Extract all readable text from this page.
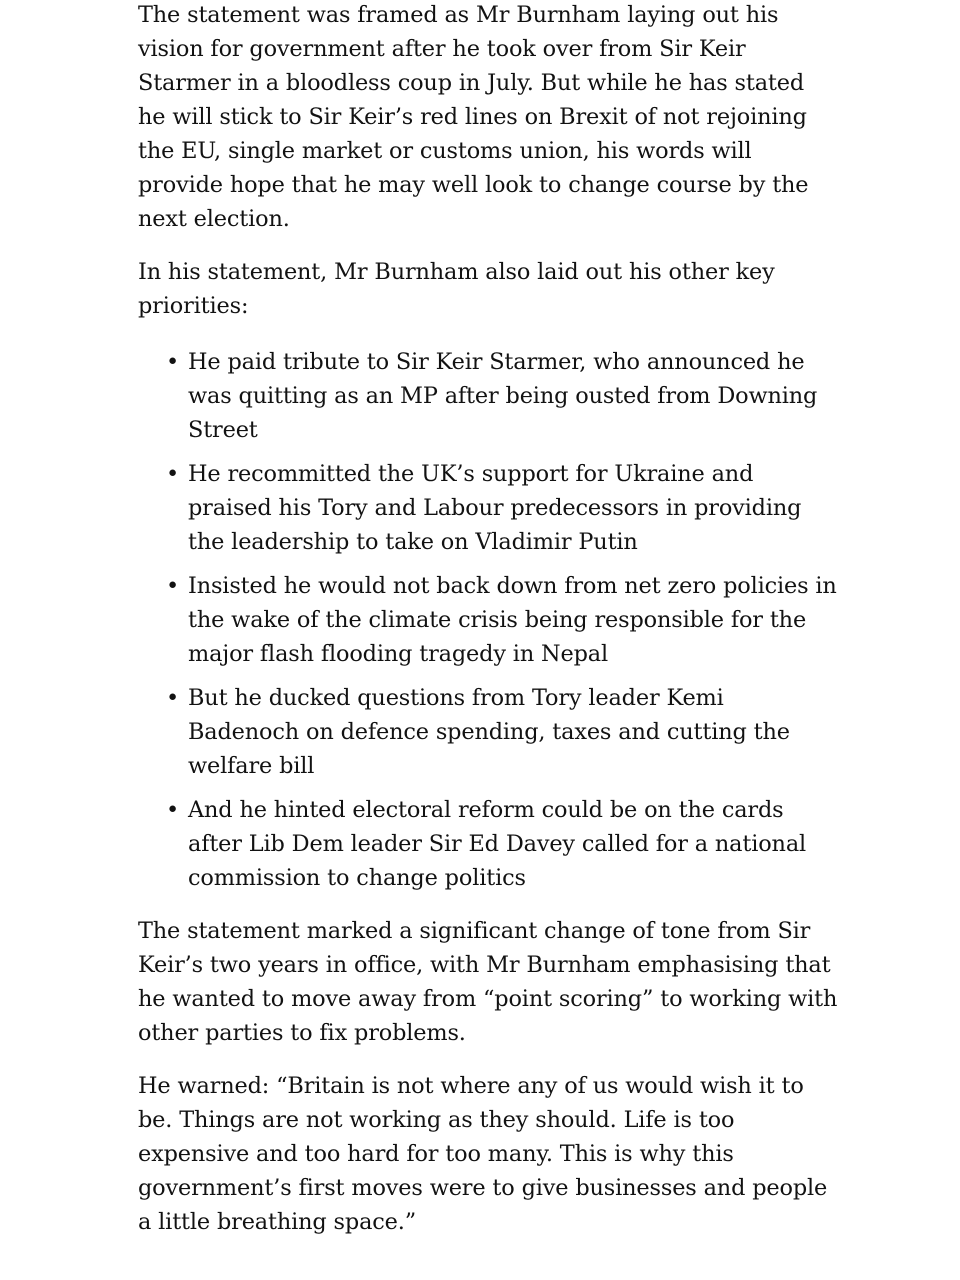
The statement was framed as Mr Burnham laying out his vision for government after he took over from Sir Keir Starmer in a bloodless coup in July. But while he has stated he will stick to Sir Keir’s red lines on Brexit of not rejoining the EU, single market or customs union, his words will provide hope that he may well look to change course by the next election.

In his statement, Mr Burnham also laid out his other key priorities:

• He paid tribute to Sir Keir Starmer, who announced he was quitting as an MP after being ousted from Downing Street
• He recommitted the UK’s support for Ukraine and praised his Tory and Labour predecessors in providing the leadership to take on Vladimir Putin
• Insisted he would not back down from net zero policies in the wake of the climate crisis being responsible for the major flash flooding tragedy in Nepal
• But he ducked questions from Tory leader Kemi Badenoch on defence spending, taxes and cutting the welfare bill
• And he hinted electoral reform could be on the cards after Lib Dem leader Sir Ed Davey called for a national commission to change politics

The statement marked a significant change of tone from Sir Keir’s two years in office, with Mr Burnham emphasising that he wanted to move away from “point scoring” to working with other parties to fix problems.

He warned: “Britain is not where any of us would wish it to be. Things are not working as they should. Life is too expensive and too hard for too many. This is why this government’s first moves were to give businesses and people a little breathing space.”
